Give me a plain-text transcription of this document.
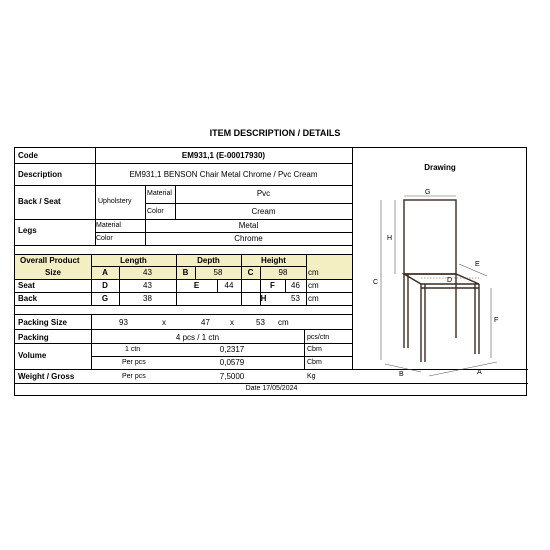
ITEM DESCRIPTION / DETAILS
Code	EM931,1 (E-00017930)
Description	EM931,1 BENSON Chair Metal Chrome / Pvc Cream
Drawing
Back / Seat	Upholstery
Material	Pvc
Color	Cream
Legs
Material	Metal
Color	Chrome
Overall Product
Size
Length	Depth	Height
A	43	B	58	C	98	cm
Seat	D	43	E	44	F	46	cm
Back	G	38	H	53	cm
Packing Size	93	x	47	x	53 cm
Packing	4 pcs / 1 ctn	pcs/ctn
Volume
1 ctn	0,2317	Cbm
Per pcs	0,0579	Cbm
Weight / Gross	Per pcs	7,5000	Kg
Date 17/05/2024
G
H
C
E
D
F
B	A
